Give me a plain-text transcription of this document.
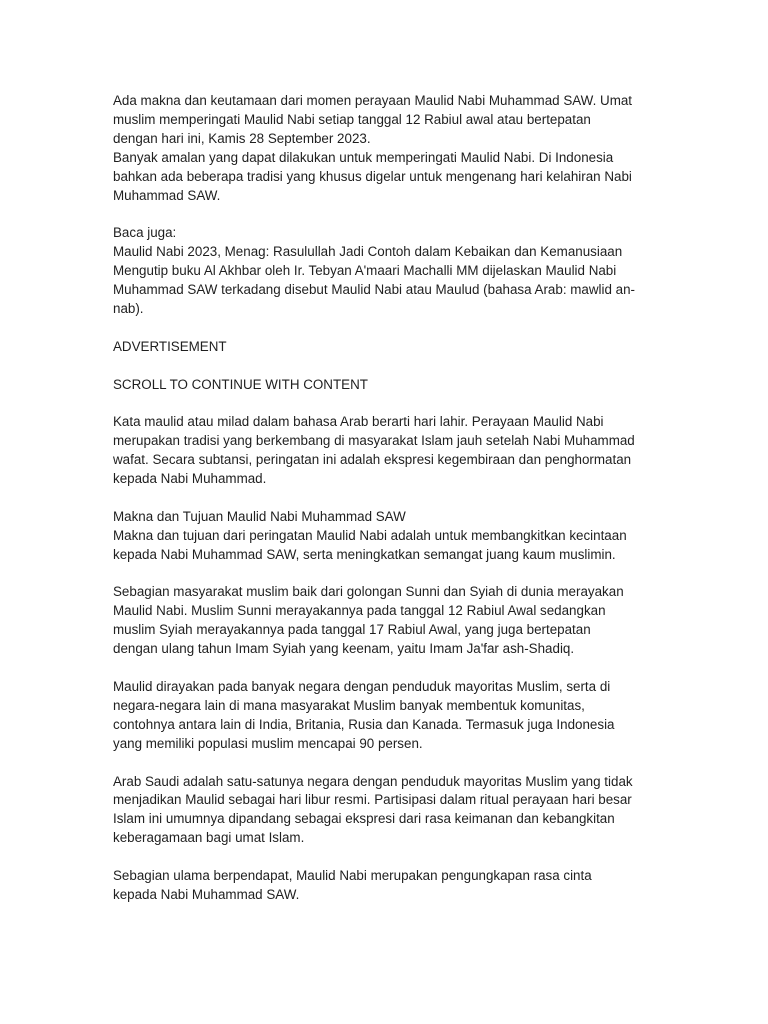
Ada makna dan keutamaan dari momen perayaan Maulid Nabi Muhammad SAW. Umat
muslim memperingati Maulid Nabi setiap tanggal 12 Rabiul awal atau bertepatan
dengan hari ini, Kamis 28 September 2023.
Banyak amalan yang dapat dilakukan untuk memperingati Maulid Nabi. Di Indonesia
bahkan ada beberapa tradisi yang khusus digelar untuk mengenang hari kelahiran Nabi
Muhammad SAW.
Baca juga:
Maulid Nabi 2023, Menag: Rasulullah Jadi Contoh dalam Kebaikan dan Kemanusiaan
Mengutip buku Al Akhbar oleh Ir. Tebyan A'maari Machalli MM dijelaskan Maulid Nabi
Muhammad SAW terkadang disebut Maulid Nabi atau Maulud (bahasa Arab: mawlid an-
nab).
ADVERTISEMENT
SCROLL TO CONTINUE WITH CONTENT
Kata maulid atau milad dalam bahasa Arab berarti hari lahir. Perayaan Maulid Nabi
merupakan tradisi yang berkembang di masyarakat Islam jauh setelah Nabi Muhammad
wafat. Secara subtansi, peringatan ini adalah ekspresi kegembiraan dan penghormatan
kepada Nabi Muhammad.
Makna dan Tujuan Maulid Nabi Muhammad SAW
Makna dan tujuan dari peringatan Maulid Nabi adalah untuk membangkitkan kecintaan
kepada Nabi Muhammad SAW, serta meningkatkan semangat juang kaum muslimin.
Sebagian masyarakat muslim baik dari golongan Sunni dan Syiah di dunia merayakan
Maulid Nabi. Muslim Sunni merayakannya pada tanggal 12 Rabiul Awal sedangkan
muslim Syiah merayakannya pada tanggal 17 Rabiul Awal, yang juga bertepatan
dengan ulang tahun Imam Syiah yang keenam, yaitu Imam Ja'far ash-Shadiq.
Maulid dirayakan pada banyak negara dengan penduduk mayoritas Muslim, serta di
negara-negara lain di mana masyarakat Muslim banyak membentuk komunitas,
contohnya antara lain di India, Britania, Rusia dan Kanada. Termasuk juga Indonesia
yang memiliki populasi muslim mencapai 90 persen.
Arab Saudi adalah satu-satunya negara dengan penduduk mayoritas Muslim yang tidak
menjadikan Maulid sebagai hari libur resmi. Partisipasi dalam ritual perayaan hari besar
Islam ini umumnya dipandang sebagai ekspresi dari rasa keimanan dan kebangkitan
keberagamaan bagi umat Islam.
Sebagian ulama berpendapat, Maulid Nabi merupakan pengungkapan rasa cinta
kepada Nabi Muhammad SAW.
